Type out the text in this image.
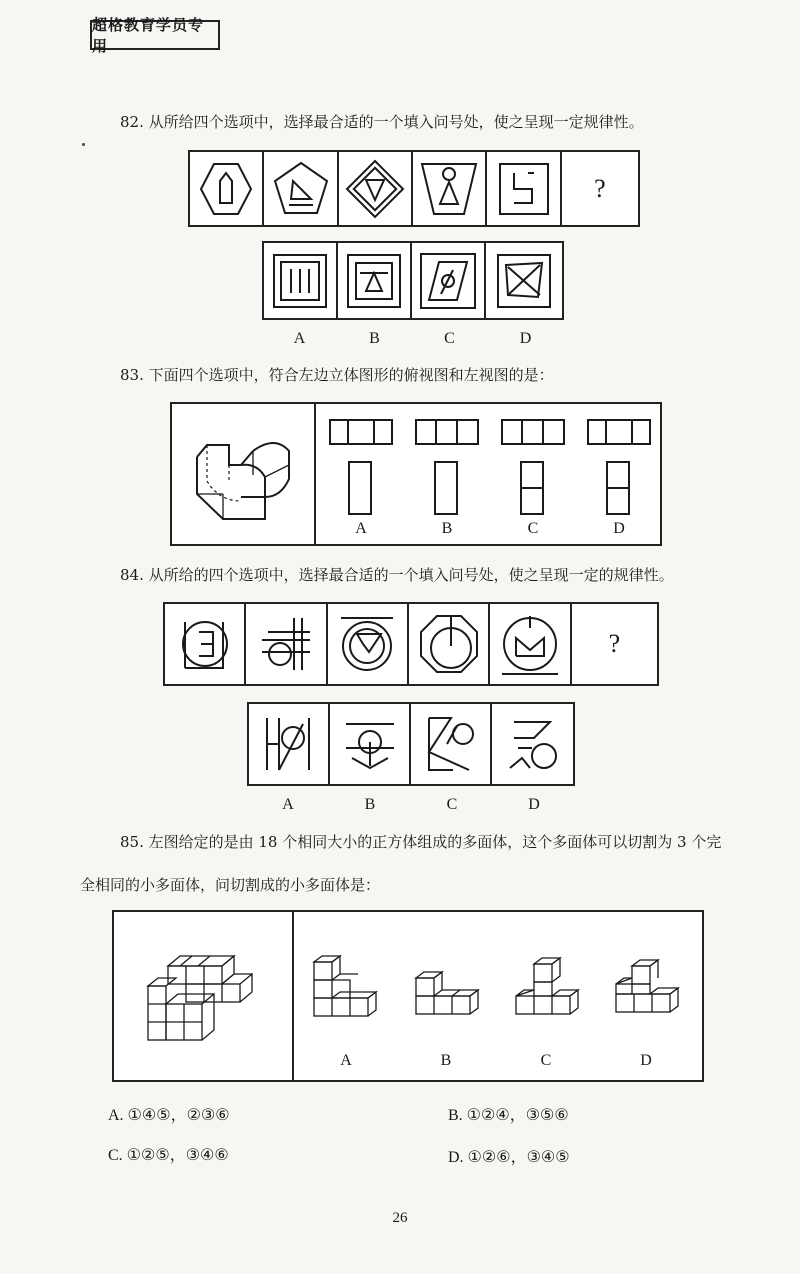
超格教育学员专用
82. 从所给四个选项中，选择最合适的一个填入问号处，使之呈现一定规律性。
?
A	B	C	D
83. 下面四个选项中，符合左边立体图形的俯视图和左视图的是：
A	B	C	D
84. 从所给的四个选项中，选择最合适的一个填入问号处，使之呈现一定的规律性。
?
A	B	C	D
85. 左图给定的是由 18 个相同大小的正方体组成的多面体，这个多面体可以切割为 3 个完
全相同的小多面体，问切割成的小多面体是：
A	B	C	D
A. ①④⑤，②③⑥	B. ①②④，③⑤⑥
C. ①②⑤，③④⑥	D. ①②⑥，③④⑤
26
